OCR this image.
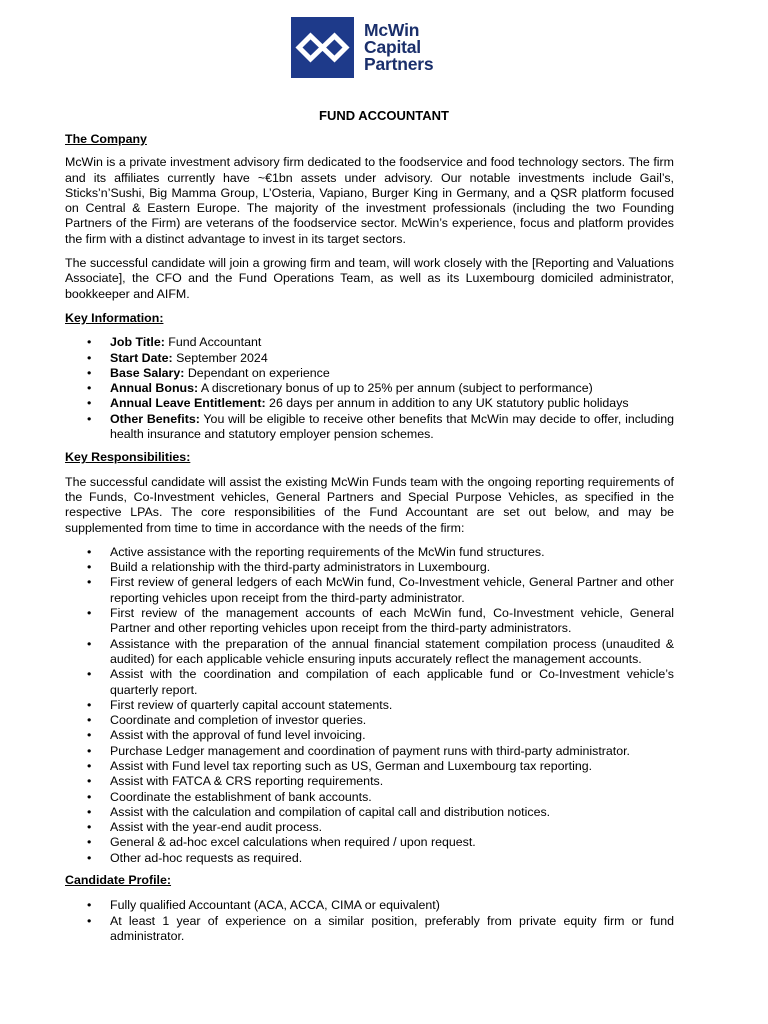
McWin
Capital
Partners
FUND ACCOUNTANT
The Company

McWin is a private investment advisory firm dedicated to the foodservice and food technology sectors. The firm and its affiliates currently have ~€1bn assets under advisory. Our notable investments include Gail’s, Sticks’n’Sushi, Big Mamma Group, L’Osteria, Vapiano, Burger King in Germany, and a QSR platform focused on Central & Eastern Europe. The majority of the investment professionals (including the two Founding Partners of the Firm) are veterans of the foodservice sector. McWin’s experience, focus and platform provides the firm with a distinct advantage to invest in its target sectors.

The successful candidate will join a growing firm and team, will work closely with the [Reporting and Valuations Associate], the CFO and the Fund Operations Team, as well as its Luxembourg domiciled administrator, bookkeeper and AIFM.

Key Information:
• Job Title: Fund Accountant
• Start Date: September 2024
• Base Salary: Dependant on experience
• Annual Bonus: A discretionary bonus of up to 25% per annum (subject to performance)
• Annual Leave Entitlement: 26 days per annum in addition to any UK statutory public holidays
• Other Benefits: You will be eligible to receive other benefits that McWin may decide to offer, including health insurance and statutory employer pension schemes.
Key Responsibilities:

The successful candidate will assist the existing McWin Funds team with the ongoing reporting requirements of the Funds, Co-Investment vehicles, General Partners and Special Purpose Vehicles, as specified in the respective LPAs. The core responsibilities of the Fund Accountant are set out below, and may be supplemented from time to time in accordance with the needs of the firm:

• Active assistance with the reporting requirements of the McWin fund structures.
• Build a relationship with the third-party administrators in Luxembourg.
• First review of general ledgers of each McWin fund, Co-Investment vehicle, General Partner and other reporting vehicles upon receipt from the third-party administrator.
• First review of the management accounts of each McWin fund, Co-Investment vehicle, General Partner and other reporting vehicles upon receipt from the third-party administrators.
• Assistance with the preparation of the annual financial statement compilation process (unaudited & audited) for each applicable vehicle ensuring inputs accurately reflect the management accounts.
• Assist with the coordination and compilation of each applicable fund or Co-Investment vehicle’s quarterly report.
• First review of quarterly capital account statements.
• Coordinate and completion of investor queries.
• Assist with the approval of fund level invoicing.
• Purchase Ledger management and coordination of payment runs with third-party administrator.
• Assist with Fund level tax reporting such as US, German and Luxembourg tax reporting.
• Assist with FATCA & CRS reporting requirements.
• Coordinate the establishment of bank accounts.
• Assist with the calculation and compilation of capital call and distribution notices.
• Assist with the year-end audit process.
• General & ad-hoc excel calculations when required / upon request.
• Other ad-hoc requests as required.
Candidate Profile:
• Fully qualified Accountant (ACA, ACCA, CIMA or equivalent)
• At least 1 year of experience on a similar position, preferably from private equity firm or fund administrator.
